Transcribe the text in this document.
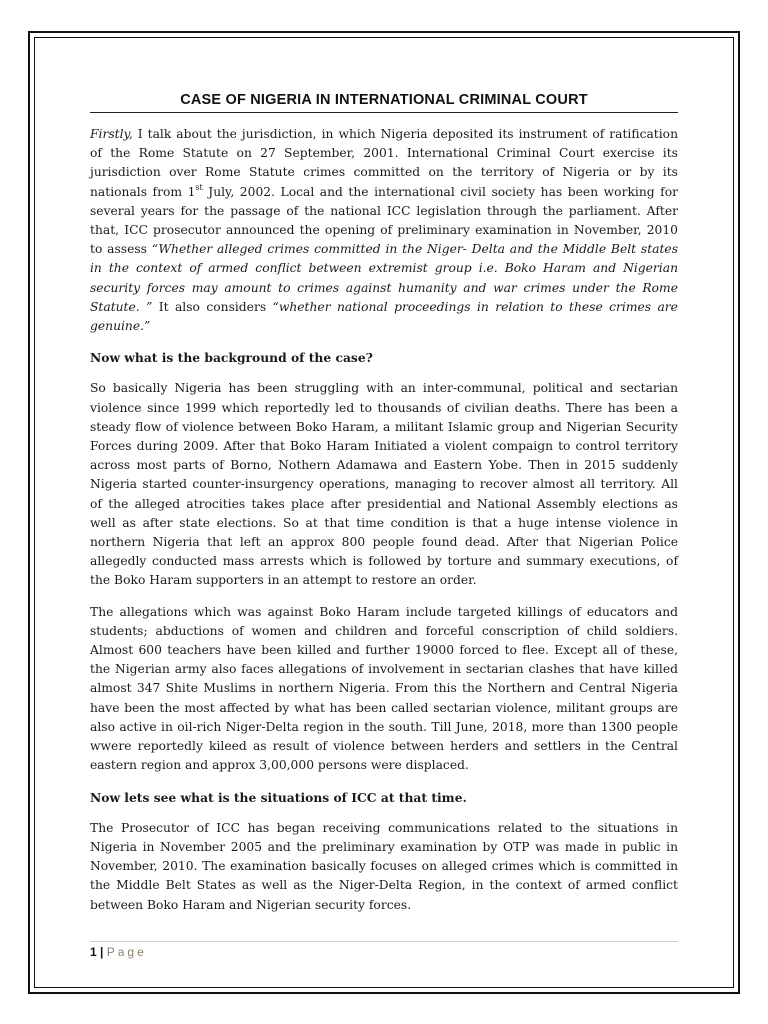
CASE OF NIGERIA IN INTERNATIONAL CRIMINAL COURT

Firstly, I talk about the jurisdiction, in which Nigeria deposited its instrument of ratification of the Rome Statute on 27 September, 2001. International Criminal Court exercise its jurisdiction over Rome Statute crimes committed on the territory of Nigeria or by its nationals from 1st July, 2002. Local and the international civil society has been working for several years for the passage of the national ICC legislation through the parliament. After that, ICC prosecutor announced the opening of preliminary examination in November, 2010 to assess “Whether alleged crimes committed in the Niger- Delta and the Middle Belt states in the context of armed conflict between extremist group i.e. Boko Haram and Nigerian security forces may amount to crimes against humanity and war crimes under the Rome Statute. ” It also considers “whether national proceedings in relation to these crimes are genuine.”

Now what is the background of the case?

So basically Nigeria has been struggling with an inter-communal, political and sectarian violence since 1999 which reportedly led to thousands of civilian deaths. There has been a steady flow of violence between Boko Haram, a militant Islamic group and Nigerian Security Forces during 2009. After that Boko Haram Initiated a violent compaign to control territory across most parts of Borno, Nothern Adamawa and Eastern Yobe. Then in 2015 suddenly Nigeria started counter-insurgency operations, managing to recover almost all territory. All of the alleged atrocities takes place after presidential and National Assembly elections as well as after state elections. So at that time condition is that a huge intense violence in northern Nigeria that left an approx 800 people found dead. After that Nigerian Police allegedly conducted mass arrests which is followed by torture and summary executions, of the Boko Haram supporters in an attempt to restore an order.

The allegations which was against Boko Haram include targeted killings of educators and students; abductions of women and children and forceful conscription of child soldiers. Almost 600 teachers have been killed and further 19000 forced to flee. Except all of these, the Nigerian army also faces allegations of involvement in sectarian clashes that have killed almost 347 Shite Muslims in northern Nigeria. From this the Northern and Central Nigeria have been the most affected by what has been called sectarian violence, militant groups are also active in oil-rich Niger-Delta region in the south. Till June, 2018, more than 1300 people wwere reportedly kileed as result of violence between herders and settlers in the Central eastern region and approx 3,00,000 persons were displaced.

Now lets see what is the situations of ICC at that time.

The Prosecutor of ICC has began receiving communications related to the situations in Nigeria in November 2005 and the preliminary examination by OTP was made in public in November, 2010. The examination basically focuses on alleged crimes which is committed in the Middle Belt States as well as the Niger-Delta Region, in the context of armed conflict between Boko Haram and Nigerian security forces.

1 | Page
